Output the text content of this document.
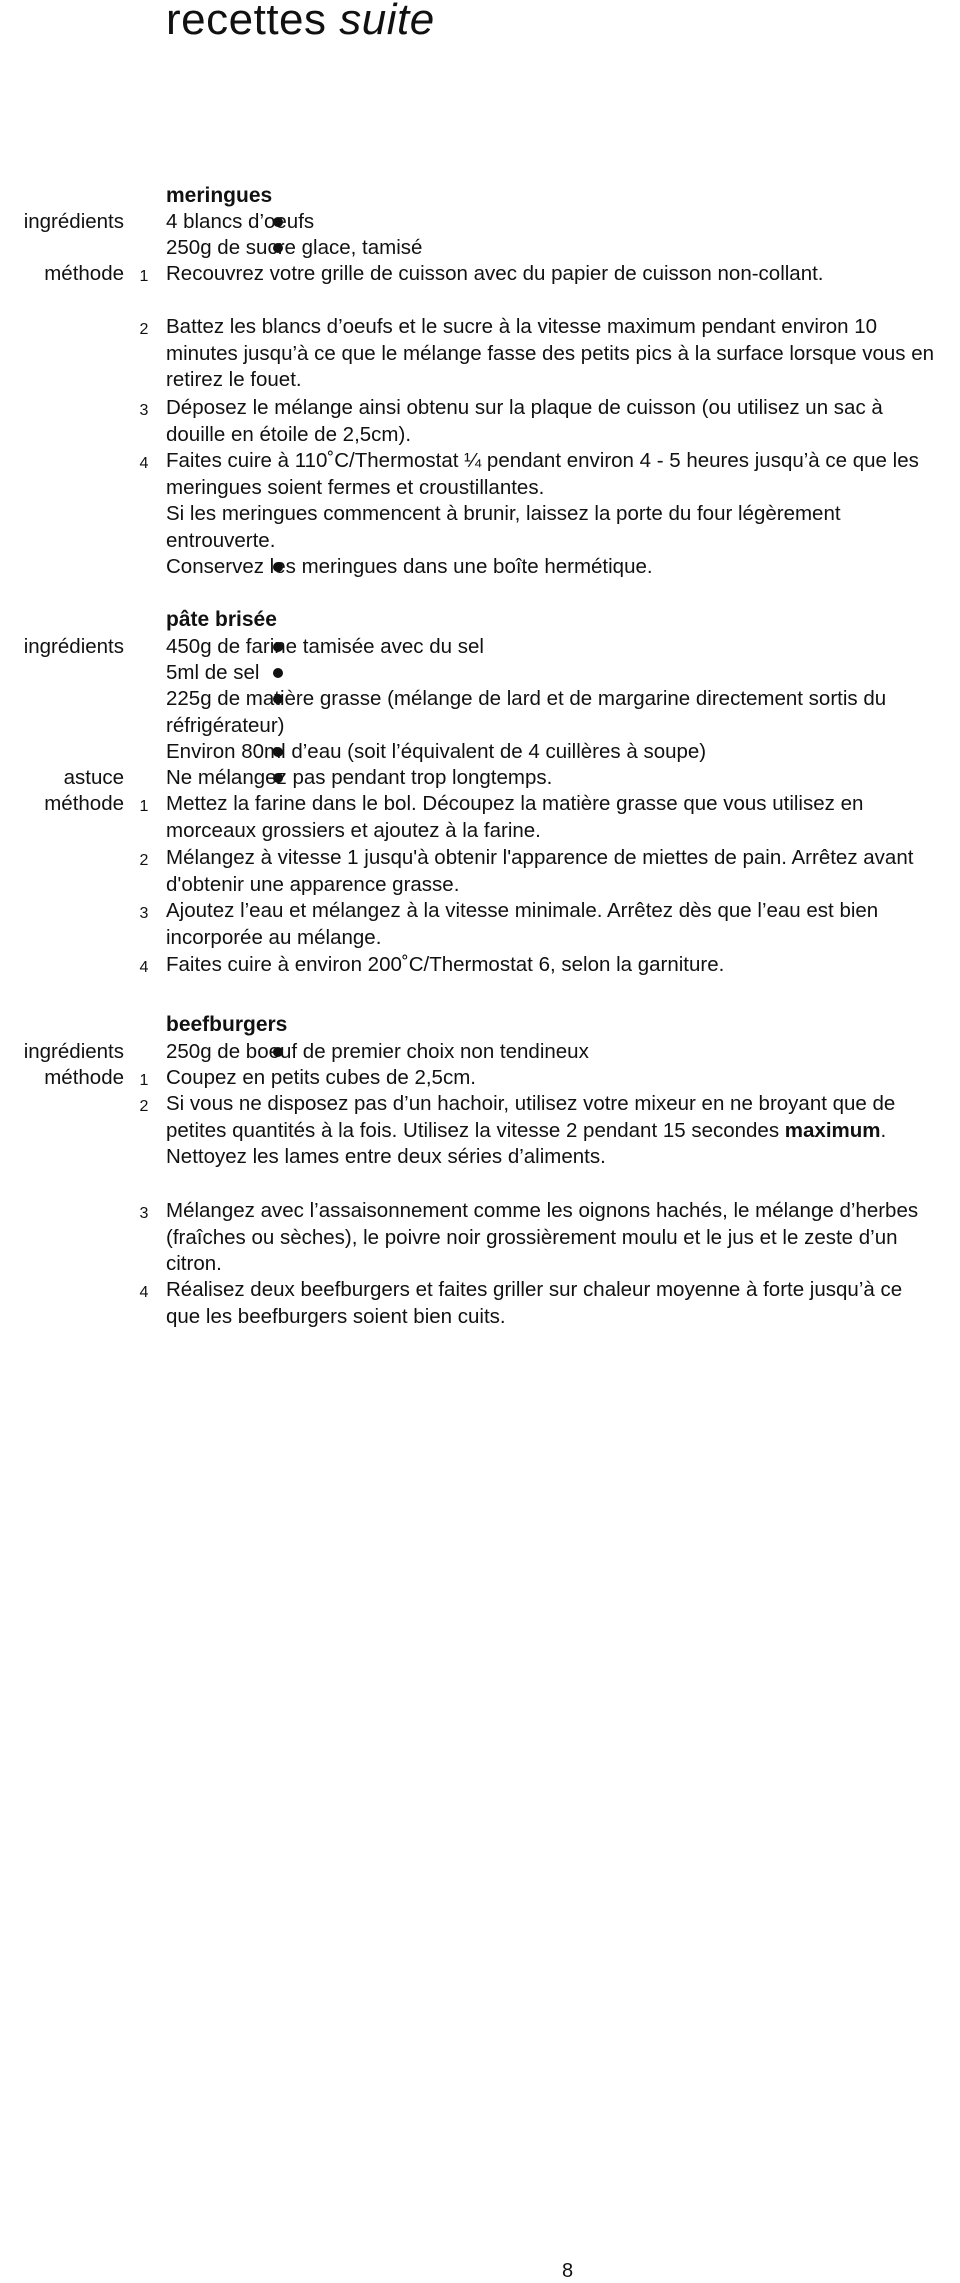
recettes suite
meringues
ingrédients 4 blancs d’oeufs
250g de sucre glace, tamisé
méthode 1 Recouvrez votre grille de cuisson avec du papier de cuisson non-collant.
2 Battez les blancs d’oeufs et le sucre à la vitesse maximum pendant environ 10 minutes jusqu’à ce que le mélange fasse des petits pics à la surface lorsque vous en retirez le fouet.
3 Déposez le mélange ainsi obtenu sur la plaque de cuisson (ou utilisez un sac à douille en étoile de 2,5cm).
4 Faites cuire à 110˚C/Thermostat ¼ pendant environ 4 - 5 heures jusqu’à ce que les meringues soient fermes et croustillantes.
Si les meringues commencent à brunir, laissez la porte du four légèrement entrouverte.
Conservez les meringues dans une boîte hermétique.
pâte brisée
ingrédients 450g de farine tamisée avec du sel
5ml de sel
225g de matière grasse (mélange de lard et de margarine directement sortis du réfrigérateur)
Environ 80ml d’eau (soit l’équivalent de 4 cuillères à soupe)
astuce Ne mélangez pas pendant trop longtemps.
méthode 1 Mettez la farine dans le bol. Découpez la matière grasse que vous utilisez en morceaux grossiers et ajoutez à la farine.
2 Mélangez à vitesse 1 jusqu'à obtenir l'apparence de miettes de pain. Arrêtez avant d'obtenir une apparence grasse.
3 Ajoutez l’eau et mélangez à la vitesse minimale. Arrêtez dès que l’eau est bien incorporée au mélange.
4 Faites cuire à environ 200˚C/Thermostat 6, selon la garniture.
beefburgers
ingrédients 250g de boeuf de premier choix non tendineux
méthode 1 Coupez en petits cubes de 2,5cm.
2 Si vous ne disposez pas d’un hachoir, utilisez votre mixeur en ne broyant que de petites quantités à la fois. Utilisez la vitesse 2 pendant 15 secondes maximum. Nettoyez les lames entre deux séries d’aliments.
3 Mélangez avec l’assaisonnement comme les oignons hachés, le mélange d’herbes (fraîches ou sèches), le poivre noir grossièrement moulu et le jus et le zeste d’un citron.
4 Réalisez deux beefburgers et faites griller sur chaleur moyenne à forte jusqu’à ce que les beefburgers soient bien cuits.
8
